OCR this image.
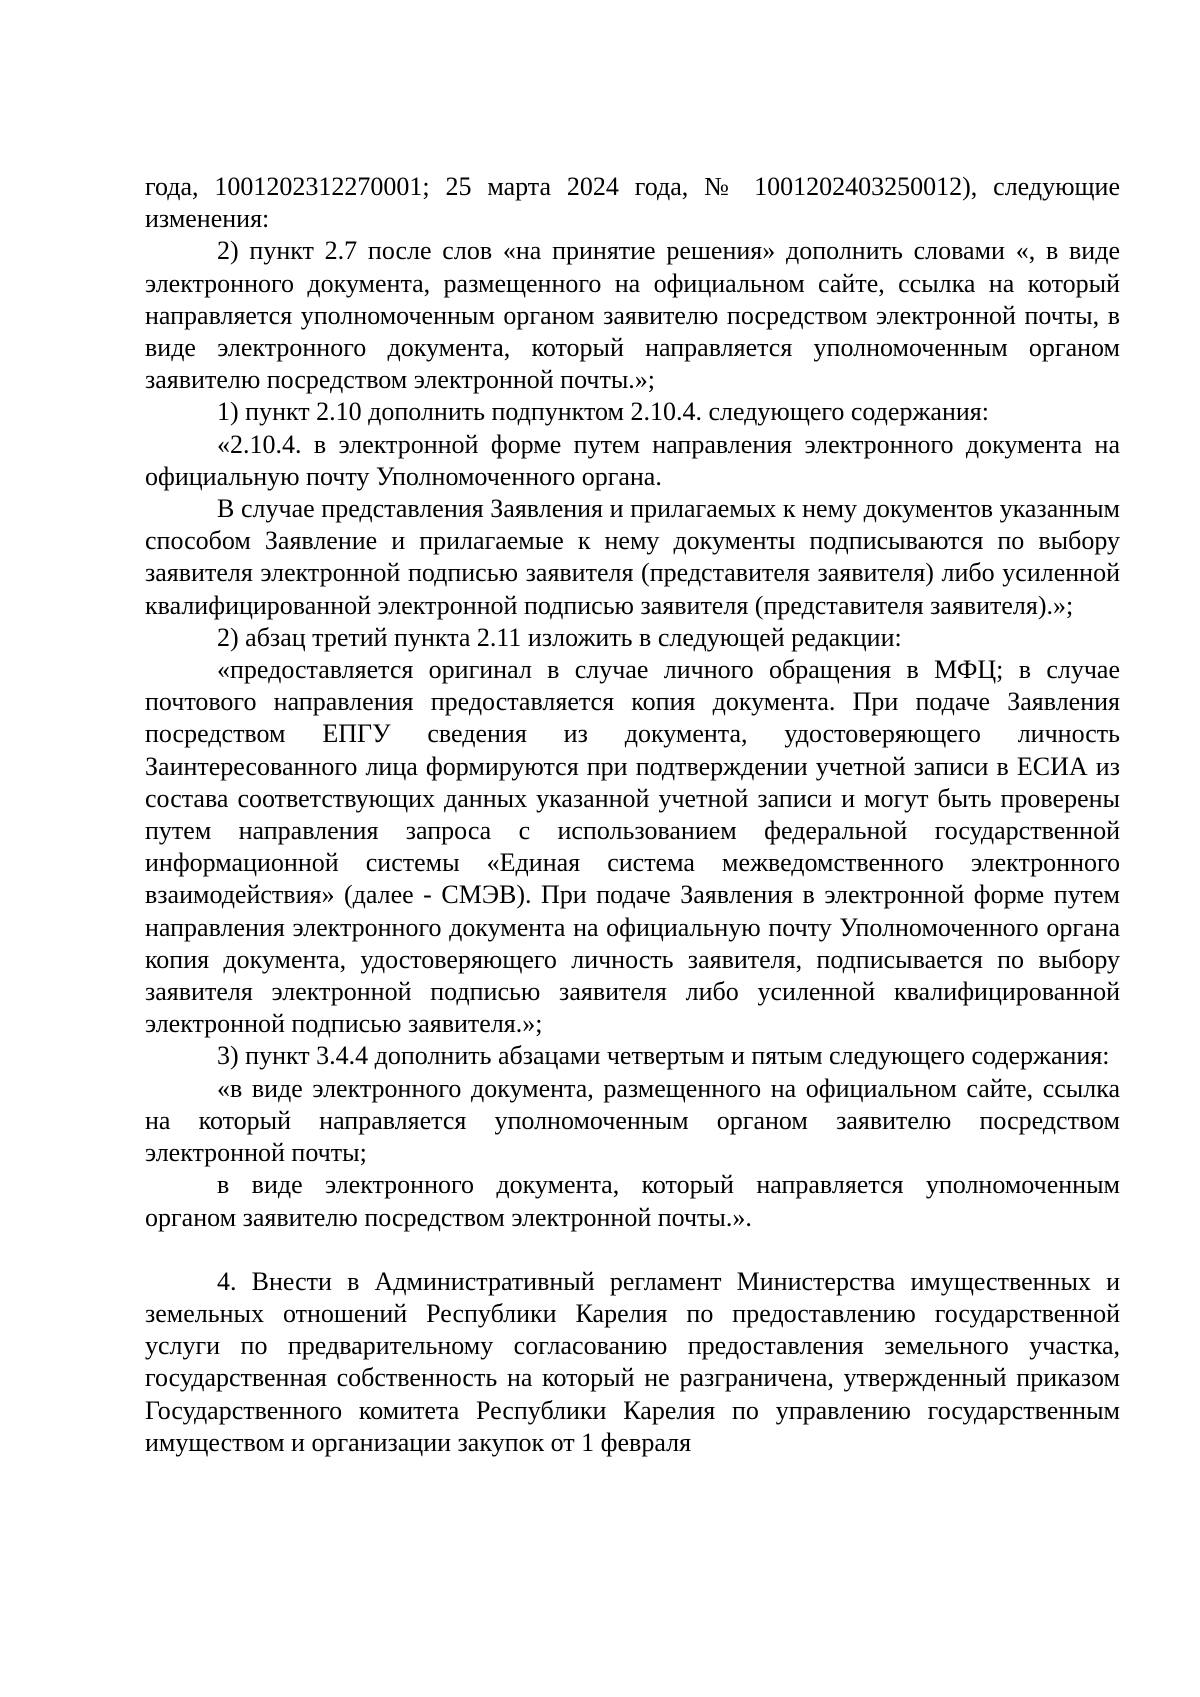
года, 1001202312270001; 25 марта 2024 года, № 1001202403250012), следующие изменения:

2) пункт 2.7 после слов «на принятие решения» дополнить словами «, в виде электронного документа, размещенного на официальном сайте, ссылка на который направляется уполномоченным органом заявителю посредством электронной почты, в виде электронного документа, который направляется уполномоченным органом заявителю посредством электронной почты.»;

1) пункт 2.10 дополнить подпунктом 2.10.4. следующего содержания:

«2.10.4. в электронной форме путем направления электронного документа на официальную почту Уполномоченного органа.

В случае представления Заявления и прилагаемых к нему документов указанным способом Заявление и прилагаемые к нему документы подписываются по выбору заявителя электронной подписью заявителя (представителя заявителя) либо усиленной квалифицированной электронной подписью заявителя (представителя заявителя).»;

2) абзац третий пункта 2.11 изложить в следующей редакции:

«предоставляется оригинал в случае личного обращения в МФЦ; в случае почтового направления предоставляется копия документа. При подаче Заявления посредством ЕПГУ сведения из документа, удостоверяющего личность Заинтересованного лица формируются при подтверждении учетной записи в ЕСИА из состава соответствующих данных указанной учетной записи и могут быть проверены путем направления запроса с использованием федеральной государственной информационной системы «Единая система межведомственного электронного взаимодействия» (далее - СМЭВ). При подаче Заявления в электронной форме путем направления электронного документа на официальную почту Уполномоченного органа копия документа, удостоверяющего личность заявителя, подписывается по выбору заявителя электронной подписью заявителя либо усиленной квалифицированной электронной подписью заявителя.»;

3) пункт 3.4.4 дополнить абзацами четвертым и пятым следующего содержания:

«в виде электронного документа, размещенного на официальном сайте, ссылка на который направляется уполномоченным органом заявителю посредством электронной почты;

в виде электронного документа, который направляется уполномоченным органом заявителю посредством электронной почты.».

4. Внести в Административный регламент Министерства имущественных и земельных отношений Республики Карелия по предоставлению государственной услуги по предварительному согласованию предоставления земельного участка, государственная собственность на который не разграничена, утвержденный приказом Государственного комитета Республики Карелия по управлению государственным имуществом и организации закупок от 1 февраля
